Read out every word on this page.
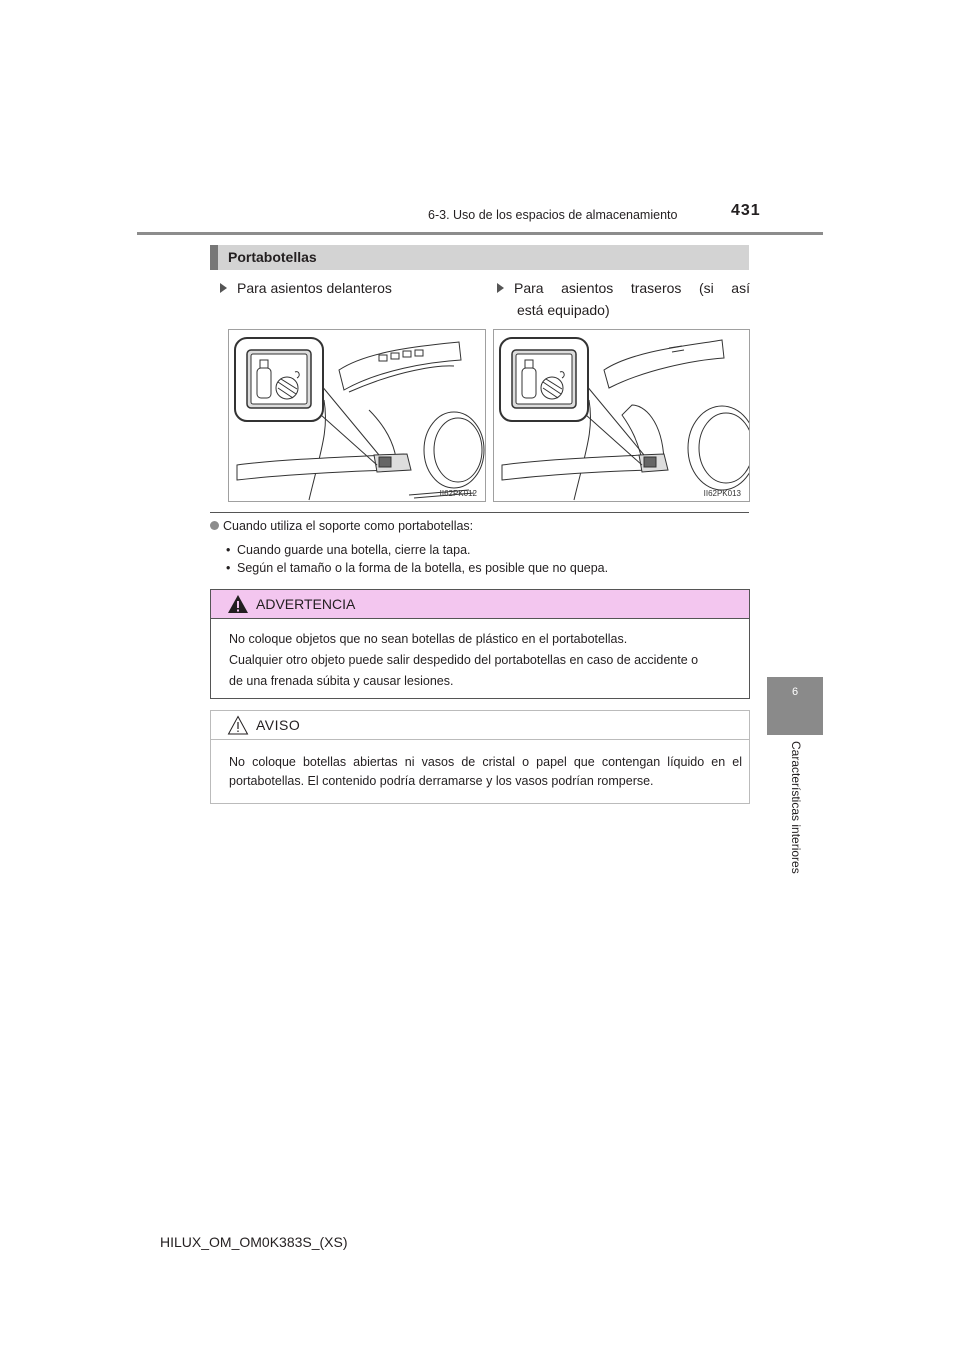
6-3. Uso de los espacios de almacenamiento	431
6
Características interiores
Portabotellas
Para asientos delanteros	Para asientos traseros (si así
está equipado)
II62PK012	II62PK013
Cuando utiliza el soporte como portabotellas:
• Cuando guarde una botella, cierre la tapa.
• Según el tamaño o la forma de la botella, es posible que no quepa.
ADVERTENCIA
No coloque objetos que no sean botellas de plástico en el portabotellas.
Cualquier otro objeto puede salir despedido del portabotellas en caso de accidente o
de una frenada súbita y causar lesiones.
AVISO
No coloque botellas abiertas ni vasos de cristal o papel que contengan líquido en el portabotellas. El contenido podría derramarse y los vasos podrían romperse.
HILUX_OM_OM0K383S_(XS)
